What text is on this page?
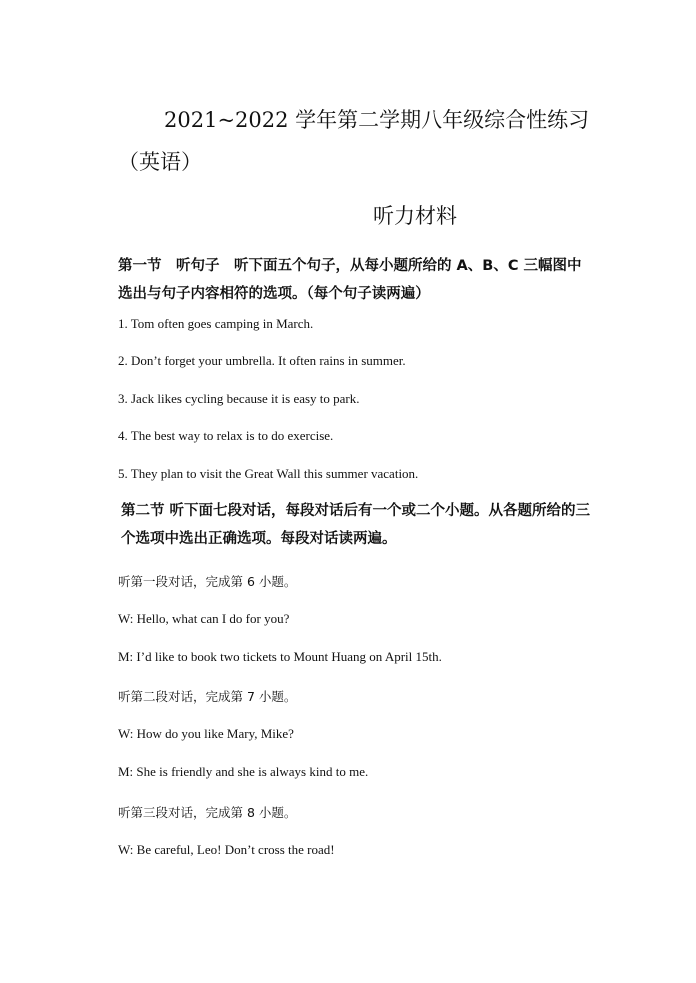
2021~2022 学年第二学期八年级综合性练习
（英语）
听力材料
第一节　听句子　听下面五个句子，从每小题所给的 A、B、C 三幅图中选出与句子内容相符的选项。（每个句子读两遍）
1. Tom often goes camping in March.
2. Don’t forget your umbrella. It often rains in summer.
3. Jack likes cycling because it is easy to park.
4. The best way to relax is to do exercise.
5. They plan to visit the Great Wall this summer vacation.
第二节 听下面七段对话，每段对话后有一个或二个小题。从各题所给的三个选项中选出正确选项。每段对话读两遍。
听第一段对话，完成第 6 小题。
W: Hello, what can I do for you?
M: I’d like to book two tickets to Mount Huang on April 15th.
听第二段对话，完成第 7 小题。
W: How do you like Mary, Mike?
M: She is friendly and she is always kind to me.
听第三段对话，完成第 8 小题。
W: Be careful, Leo! Don’t cross the road!
